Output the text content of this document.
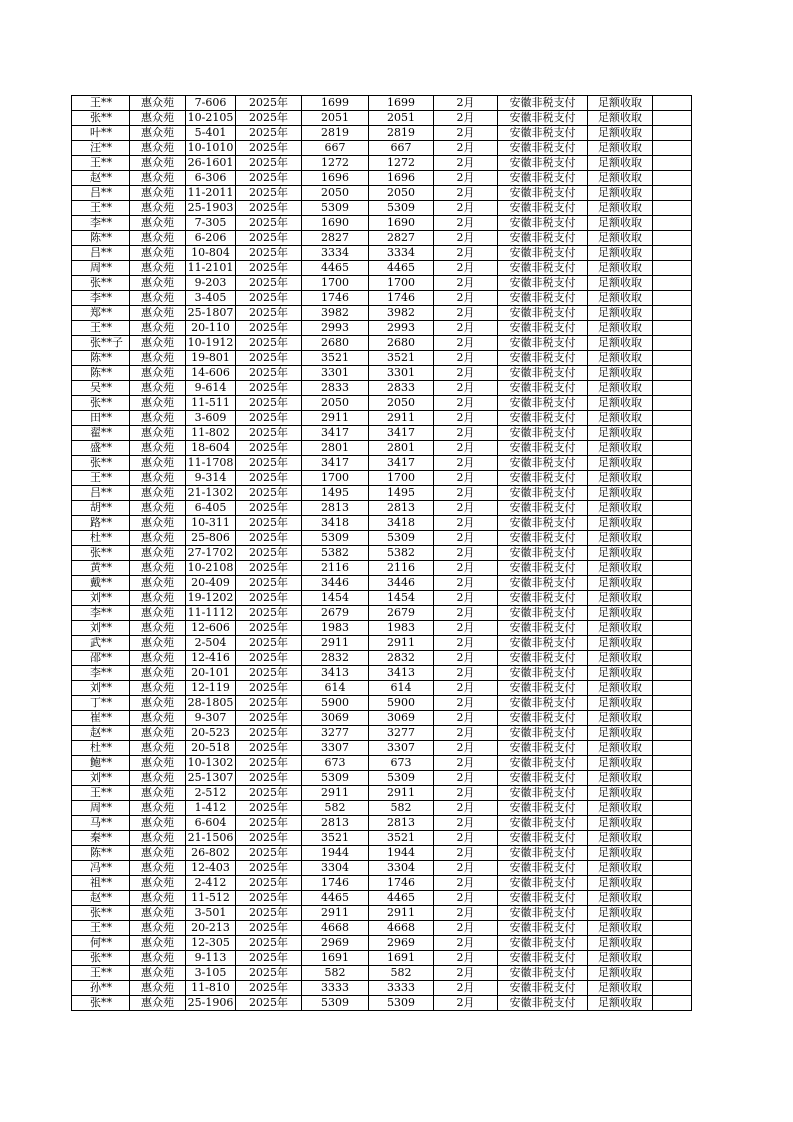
王**	惠众苑	7-606	2025年	1699	1699	2月	安徽非税支付	足额收取	
张**	惠众苑	10-2105	2025年	2051	2051	2月	安徽非税支付	足额收取	
叶**	惠众苑	5-401	2025年	2819	2819	2月	安徽非税支付	足额收取	
汪**	惠众苑	10-1010	2025年	667	667	2月	安徽非税支付	足额收取	
王**	惠众苑	26-1601	2025年	1272	1272	2月	安徽非税支付	足额收取	
赵**	惠众苑	6-306	2025年	1696	1696	2月	安徽非税支付	足额收取	
吕**	惠众苑	11-2011	2025年	2050	2050	2月	安徽非税支付	足额收取	
王**	惠众苑	25-1903	2025年	5309	5309	2月	安徽非税支付	足额收取	
李**	惠众苑	7-305	2025年	1690	1690	2月	安徽非税支付	足额收取	
陈**	惠众苑	6-206	2025年	2827	2827	2月	安徽非税支付	足额收取	
吕**	惠众苑	10-804	2025年	3334	3334	2月	安徽非税支付	足额收取	
周**	惠众苑	11-2101	2025年	4465	4465	2月	安徽非税支付	足额收取	
张**	惠众苑	9-203	2025年	1700	1700	2月	安徽非税支付	足额收取	
李**	惠众苑	3-405	2025年	1746	1746	2月	安徽非税支付	足额收取	
郑**	惠众苑	25-1807	2025年	3982	3982	2月	安徽非税支付	足额收取	
王**	惠众苑	20-110	2025年	2993	2993	2月	安徽非税支付	足额收取	
张**子	惠众苑	10-1912	2025年	2680	2680	2月	安徽非税支付	足额收取	
陈**	惠众苑	19-801	2025年	3521	3521	2月	安徽非税支付	足额收取	
陈**	惠众苑	14-606	2025年	3301	3301	2月	安徽非税支付	足额收取	
吴**	惠众苑	9-614	2025年	2833	2833	2月	安徽非税支付	足额收取	
张**	惠众苑	11-511	2025年	2050	2050	2月	安徽非税支付	足额收取	
田**	惠众苑	3-609	2025年	2911	2911	2月	安徽非税支付	足额收取	
翟**	惠众苑	11-802	2025年	3417	3417	2月	安徽非税支付	足额收取	
盛**	惠众苑	18-604	2025年	2801	2801	2月	安徽非税支付	足额收取	
张**	惠众苑	11-1708	2025年	3417	3417	2月	安徽非税支付	足额收取	
王**	惠众苑	9-314	2025年	1700	1700	2月	安徽非税支付	足额收取	
吕**	惠众苑	21-1302	2025年	1495	1495	2月	安徽非税支付	足额收取	
胡**	惠众苑	6-405	2025年	2813	2813	2月	安徽非税支付	足额收取	
路**	惠众苑	10-311	2025年	3418	3418	2月	安徽非税支付	足额收取	
杜**	惠众苑	25-806	2025年	5309	5309	2月	安徽非税支付	足额收取	
张**	惠众苑	27-1702	2025年	5382	5382	2月	安徽非税支付	足额收取	
黄**	惠众苑	10-2108	2025年	2116	2116	2月	安徽非税支付	足额收取	
戴**	惠众苑	20-409	2025年	3446	3446	2月	安徽非税支付	足额收取	
刘**	惠众苑	19-1202	2025年	1454	1454	2月	安徽非税支付	足额收取	
李**	惠众苑	11-1112	2025年	2679	2679	2月	安徽非税支付	足额收取	
刘**	惠众苑	12-606	2025年	1983	1983	2月	安徽非税支付	足额收取	
武**	惠众苑	2-504	2025年	2911	2911	2月	安徽非税支付	足额收取	
邵**	惠众苑	12-416	2025年	2832	2832	2月	安徽非税支付	足额收取	
李**	惠众苑	20-101	2025年	3413	3413	2月	安徽非税支付	足额收取	
刘**	惠众苑	12-119	2025年	614	614	2月	安徽非税支付	足额收取	
丁**	惠众苑	28-1805	2025年	5900	5900	2月	安徽非税支付	足额收取	
崔**	惠众苑	9-307	2025年	3069	3069	2月	安徽非税支付	足额收取	
赵**	惠众苑	20-523	2025年	3277	3277	2月	安徽非税支付	足额收取	
杜**	惠众苑	20-518	2025年	3307	3307	2月	安徽非税支付	足额收取	
鲍**	惠众苑	10-1302	2025年	673	673	2月	安徽非税支付	足额收取	
刘**	惠众苑	25-1307	2025年	5309	5309	2月	安徽非税支付	足额收取	
王**	惠众苑	2-512	2025年	2911	2911	2月	安徽非税支付	足额收取	
周**	惠众苑	1-412	2025年	582	582	2月	安徽非税支付	足额收取	
马**	惠众苑	6-604	2025年	2813	2813	2月	安徽非税支付	足额收取	
秦**	惠众苑	21-1506	2025年	3521	3521	2月	安徽非税支付	足额收取	
陈**	惠众苑	26-802	2025年	1944	1944	2月	安徽非税支付	足额收取	
冯**	惠众苑	12-403	2025年	3304	3304	2月	安徽非税支付	足额收取	
祖**	惠众苑	2-412	2025年	1746	1746	2月	安徽非税支付	足额收取	
赵**	惠众苑	11-512	2025年	4465	4465	2月	安徽非税支付	足额收取	
张**	惠众苑	3-501	2025年	2911	2911	2月	安徽非税支付	足额收取	
王**	惠众苑	20-213	2025年	4668	4668	2月	安徽非税支付	足额收取	
何**	惠众苑	12-305	2025年	2969	2969	2月	安徽非税支付	足额收取	
张**	惠众苑	9-113	2025年	1691	1691	2月	安徽非税支付	足额收取	
王**	惠众苑	3-105	2025年	582	582	2月	安徽非税支付	足额收取	
孙**	惠众苑	11-810	2025年	3333	3333	2月	安徽非税支付	足额收取	
张**	惠众苑	25-1906	2025年	5309	5309	2月	安徽非税支付	足额收取	
